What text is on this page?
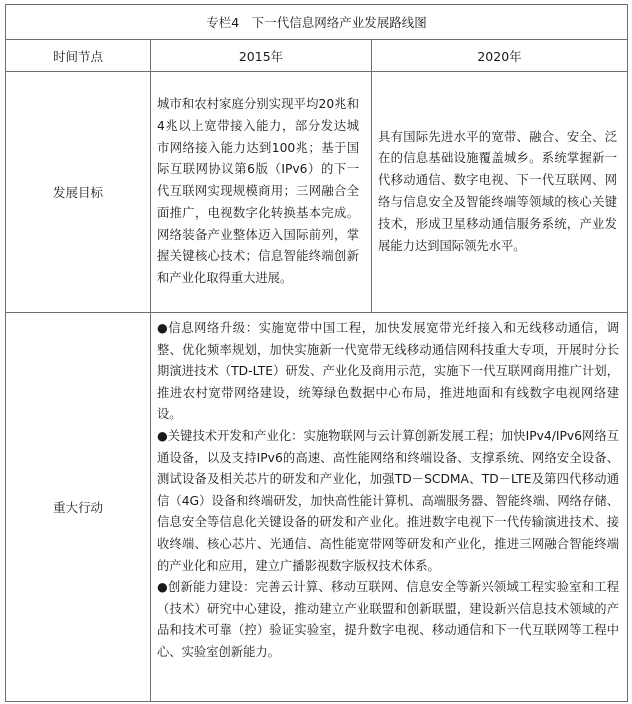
专栏4　下一代信息网络产业发展路线图		
时间节点	2015年	2020年
发展目标	城市和农村家庭分别实现平均20兆和4兆以上宽带接入能力，部分发达城市网络接入能力达到100兆；基于国际互联网协议第6版（IPv6）的下一代互联网实现规模商用；三网融合全面推广，电视数字化转换基本完成。网络装备产业整体迈入国际前列，掌握关键核心技术；信息智能终端创新和产业化取得重大进展。	具有国际先进水平的宽带、融合、安全、泛在的信息基础设施覆盖城乡。系统掌握新一代移动通信、数字电视、下一代互联网、网络与信息安全及智能终端等领域的核心关键技术，形成卫星移动通信服务系统，产业发展能力达到国际领先水平。

重大行动	●信息网络升级：实施宽带中国工程，加快发展宽带光纤接入和无线移动通信，调整、优化频率规划，加快实施新一代宽带无线移动通信网科技重大专项，开展时分长期演进技术（TD-LTE）研发、产业化及商用示范，实施下一代互联网商用推广计划，推进农村宽带网络建设，统筹绿色数据中心布局，推进地面和有线数字电视网络建设。

●关键技术开发和产业化：实施物联网与云计算创新发展工程；加快IPv4/IPv6网络互通设备，以及支持IPv6的高速、高性能网络和终端设备、支撑系统、网络安全设备、测试设备及相关芯片的研发和产业化，加强TD－SCDMA、TD－LTE及第四代移动通信（4G）设备和终端研发，加快高性能计算机、高端服务器、智能终端、网络存储、信息安全等信息化关键设备的研发和产业化。推进数字电视下一代传输演进技术、接收终端、核心芯片、光通信、高性能宽带网等研发和产业化，推进三网融合智能终端的产业化和应用，建立广播影视数字版权技术体系。

●创新能力建设：完善云计算、移动互联网、信息安全等新兴领域工程实验室和工程（技术）研究中心建设，推动建立产业联盟和创新联盟，建设新兴信息技术领域的产品和技术可靠（控）验证实验室，提升数字电视、移动通信和下一代互联网等工程中心、实验室创新能力。	
